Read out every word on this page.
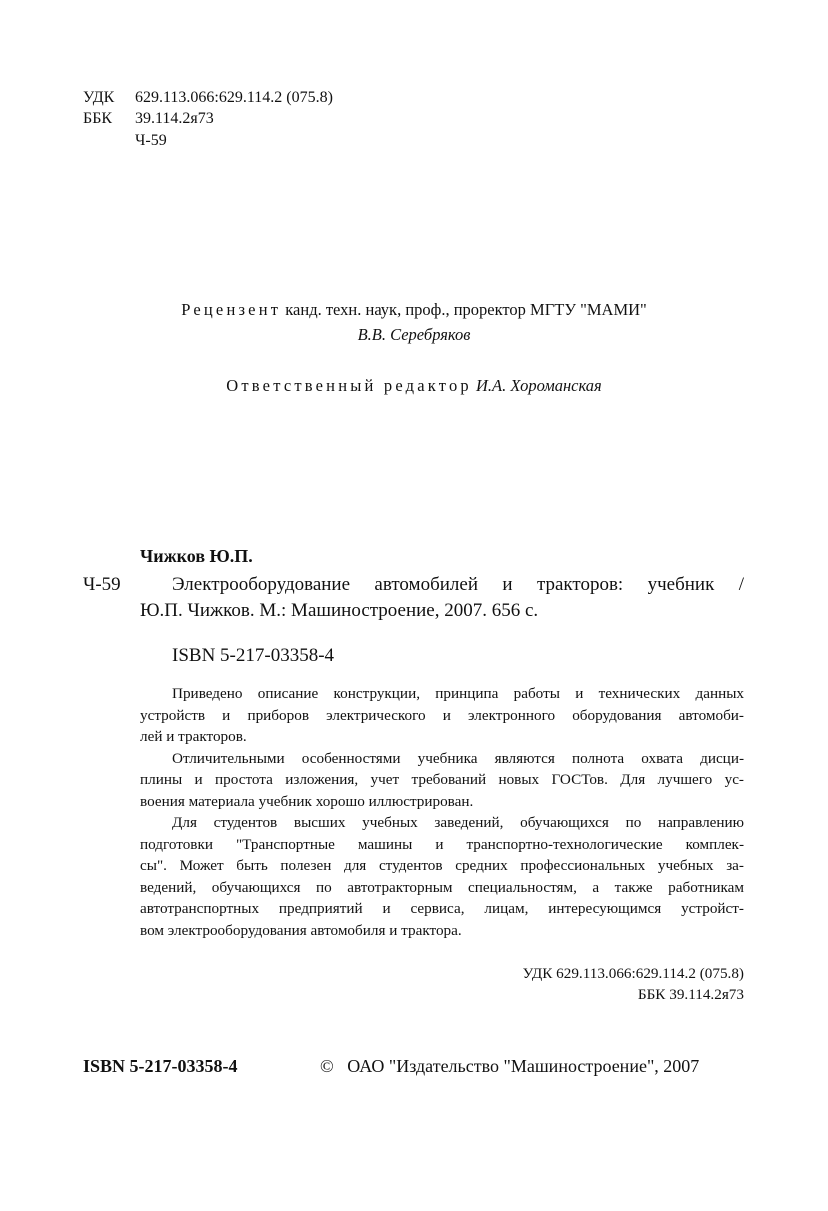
УДК 629.113.066:629.114.2 (075.8)
ББК 39.114.2я73
Ч-59
Рецензент канд. техн. наук, проф., проректор МГТУ "МАМИ"
В.В. Серебряков
Ответственный редактор И.А. Хороманская
Чижков Ю.П.
Ч-59	Электрооборудование автомобилей и тракторов: учебник /
Ю.П. Чижков. М.: Машиностроение, 2007. 656 с.
ISBN 5-217-03358-4
Приведено описание конструкции, принципа работы и технических данных
устройств и приборов электрического и электронного оборудования автомоби-
лей и тракторов.
Отличительными особенностями учебника являются полнота охвата дисци-
плины и простота изложения, учет требований новых ГОСТов. Для лучшего ус-
воения материала учебник хорошо иллюстрирован.
Для студентов высших учебных заведений, обучающихся по направлению
подготовки "Транспортные машины и транспортно-технологические комплек-
сы". Может быть полезен для студентов средних профессиональных учебных за-
ведений, обучающихся по автотракторным специальностям, а также работникам
автотранспортных предприятий и сервиса, лицам, интересующимся устройст-
вом электрооборудования автомобиля и трактора.
УДК 629.113.066:629.114.2 (075.8)
ББК 39.114.2я73
ISBN 5-217-03358-4	© ОАО "Издательство "Машиностроение", 2007
